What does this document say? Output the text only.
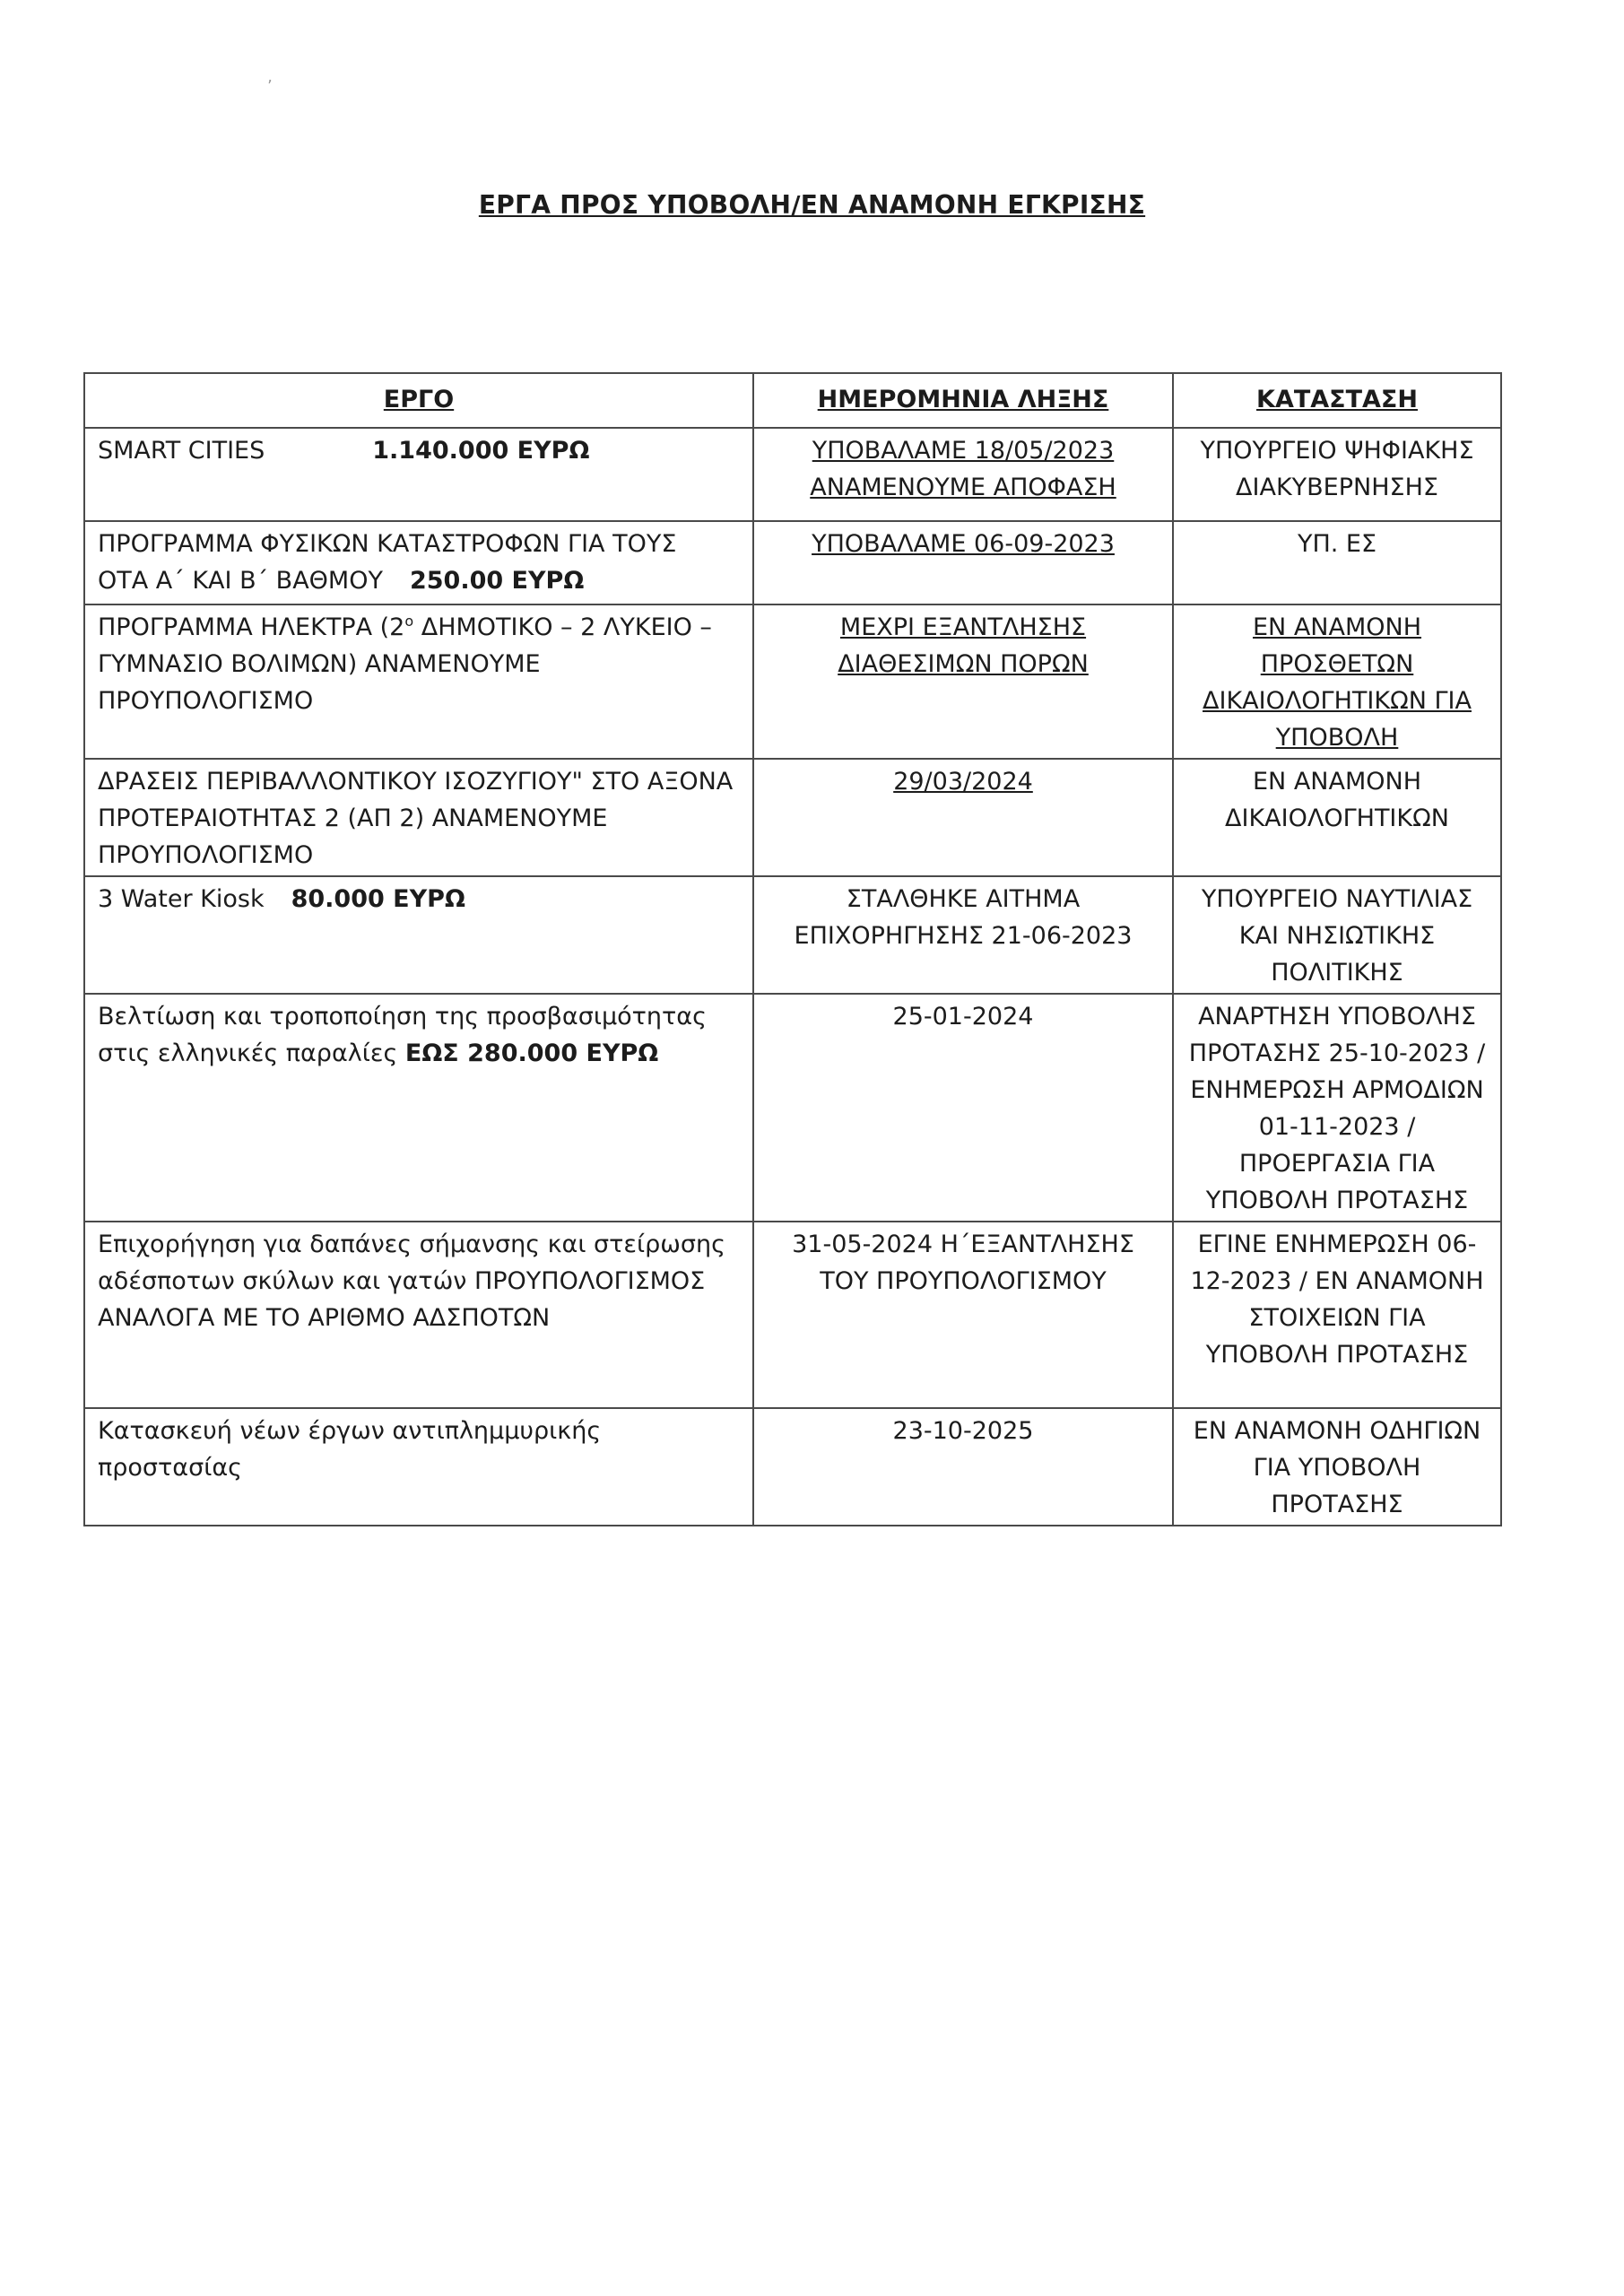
ʼ
ΕΡΓΑ ΠΡΟΣ ΥΠΟΒΟΛΗ/ΕΝ ΑΝΑΜΟΝΗ ΕΓΚΡΙΣΗΣ
ΕΡΓΟ	ΗΜΕΡΟΜΗΝΙΑ ΛΗΞΗΣ	ΚΑΤΑΣΤΑΣΗ
SMART CITIES 1.140.000 ΕΥΡΩ	ΥΠΟΒΑΛΑΜΕ 18/05/2023 ΑΝΑΜΕΝΟΥΜΕ ΑΠΟΦΑΣΗ	ΥΠΟΥΡΓΕΙΟ ΨΗΦΙΑΚΗΣ ΔΙΑΚΥΒΕΡΝΗΣΗΣ
ΠΡΟΓΡΑΜΜΑ ΦΥΣΙΚΩΝ ΚΑΤΑΣΤΡΟΦΩΝ ΓΙΑ ΤΟΥΣ
ΟΤΑ Α΄ ΚΑΙ Β΄ ΒΑΘΜΟΥ 250.00 ΕΥΡΩ	ΥΠΟΒΑΛΑΜΕ 06-09-2023	ΥΠ. ΕΣ
ΠΡΟΓΡΑΜΜΑ ΗΛΕΚΤΡΑ ($2^o$ ΔΗΜΟΤΙΚΟ – 2 ΛΥΚΕΙΟ – ΓΥΜΝΑΣΙΟ ΒΟΛΙΜΩΝ) ΑΝΑΜΕΝΟΥΜΕ ΠΡΟΥΠΟΛΟΓΙΣΜΟ	ΜΕΧΡΙ ΕΞΑΝΤΛΗΣΗΣ ΔΙΑΘΕΣΙΜΩΝ ΠΟΡΩΝ	ΕΝ ΑΝΑΜΟΝΗ ΠΡΟΣΘΕΤΩΝ ΔΙΚΑΙΟΛΟΓΗΤΙΚΩΝ ΓΙΑ ΥΠΟΒΟΛΗ
ΔΡΑΣΕΙΣ ΠΕΡΙΒΑΛΛΟΝΤΙΚΟΥ ΙΣΟΖΥΓΙΟΥ" ΣΤΟ ΑΞΟΝΑ ΠΡΟΤΕΡΑΙΟΤΗΤΑΣ 2 (ΑΠ 2) ΑΝΑΜΕΝΟΥΜΕ ΠΡΟΥΠΟΛΟΓΙΣΜΟ	29/03/2024	ΕΝ ΑΝΑΜΟΝΗ ΔΙΚΑΙΟΛΟΓΗΤΙΚΩΝ
3 Water Kiosk 80.000 ΕΥΡΩ	ΣΤΑΛΘΗΚΕ ΑΙΤΗΜΑ ΕΠΙΧΟΡΗΓΗΣΗΣ 21-06-2023	ΥΠΟΥΡΓΕΙΟ ΝΑΥΤΙΛΙΑΣ ΚΑΙ ΝΗΣΙΩΤΙΚΗΣ ΠΟΛΙΤΙΚΗΣ
Βελτίωση και τροποποίηση της προσβασιμότητας
στις ελληνικές παραλίες ΕΩΣ 280.000 ΕΥΡΩ	25-01-2024	ΑΝΑΡΤΗΣΗ ΥΠΟΒΟΛΗΣ ΠΡΟΤΑΣΗΣ 25-10-2023 / ΕΝΗΜΕΡΩΣΗ ΑΡΜΟΔΙΩΝ 01-11-2023 / ΠΡΟΕΡΓΑΣΙΑ ΓΙΑ ΥΠΟΒΟΛΗ ΠΡΟΤΑΣΗΣ
Επιχορήγηση για δαπάνες σήμανσης και στείρωσης αδέσποτων σκύλων και γατών ΠΡΟΥΠΟΛΟΓΙΣΜΟΣ ΑΝΑΛΟΓΑ ΜΕ ΤΟ ΑΡΙΘΜΟ ΑΔΣΠΟΤΩΝ	31-05-2024 Η΄ΕΞΑΝΤΛΗΣΗΣ ΤΟΥ ΠΡΟΥΠΟΛΟΓΙΣΜΟΥ	ΕΓΙΝΕ ΕΝΗΜΕΡΩΣΗ 06-12-2023 / ΕΝ ΑΝΑΜΟΝΗ ΣΤΟΙΧΕΙΩΝ ΓΙΑ ΥΠΟΒΟΛΗ ΠΡΟΤΑΣΗΣ
Κατασκευή νέων έργων αντιπλημμυρικής προστασίας	23-10-2025	ΕΝ ΑΝΑΜΟΝΗ ΟΔΗΓΙΩΝ ΓΙΑ ΥΠΟΒΟΛΗ ΠΡΟΤΑΣΗΣ
